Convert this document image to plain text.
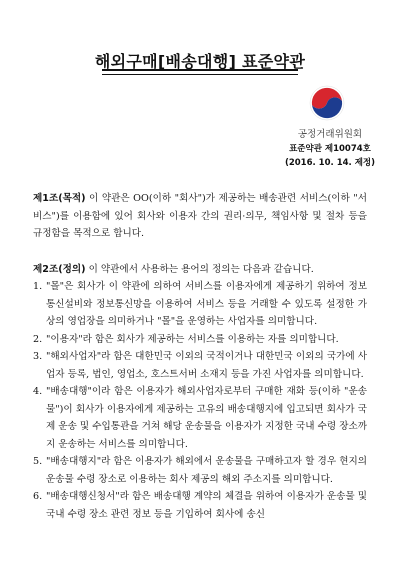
해외구매[배송대행] 표준약관
공정거래위원회
표준약관 제10074호
(2016. 10. 14. 제정)

제1조(목적) 이 약관은 OO(이하 "회사")가 제공하는 배송관련 서비스(이하 "서비스")를 이용함에 있어 회사와 이용자 간의 권리·의무, 책임사항 및 절차 등을 규정함을 목적으로 합니다.

제2조(정의) 이 약관에서 사용하는 용어의 정의는 다음과 같습니다.
1. "몰"은 회사가 이 약관에 의하여 서비스를 이용자에게 제공하기 위하여 정보통신설비와 정보통신망을 이용하여 서비스 등을 거래할 수 있도록 설정한 가상의 영업장을 의미하거나 "몰"을 운영하는 사업자를 의미합니다.
2. "이용자"라 함은 회사가 제공하는 서비스를 이용하는 자를 의미합니다.
3. "해외사업자"라 함은 대한민국 이외의 국적이거나 대한민국 이외의 국가에 사업자 등록, 법인, 영업소, 호스트서버 소재지 등을 가진 사업자를 의미합니다.
4. "배송대행"이라 함은 이용자가 해외사업자로부터 구매한 재화 등(이하 "운송물")이 회사가 이용자에게 제공하는 고유의 배송대행지에 입고되면 회사가 국제 운송 및 수입통관을 거쳐 해당 운송물을 이용자가 지정한 국내 수령 장소까지 운송하는 서비스를 의미합니다.
5. "배송대행지"라 함은 이용자가 해외에서 운송물을 구매하고자 할 경우 현지의 운송물 수령 장소로 이용하는 회사 제공의 해외 주소지를 의미합니다.
6. "배송대행신청서"라 함은 배송대행 계약의 체결을 위하여 이용자가 운송물 및 국내 수령 장소 관련 정보 등을 기입하여 회사에 송신
